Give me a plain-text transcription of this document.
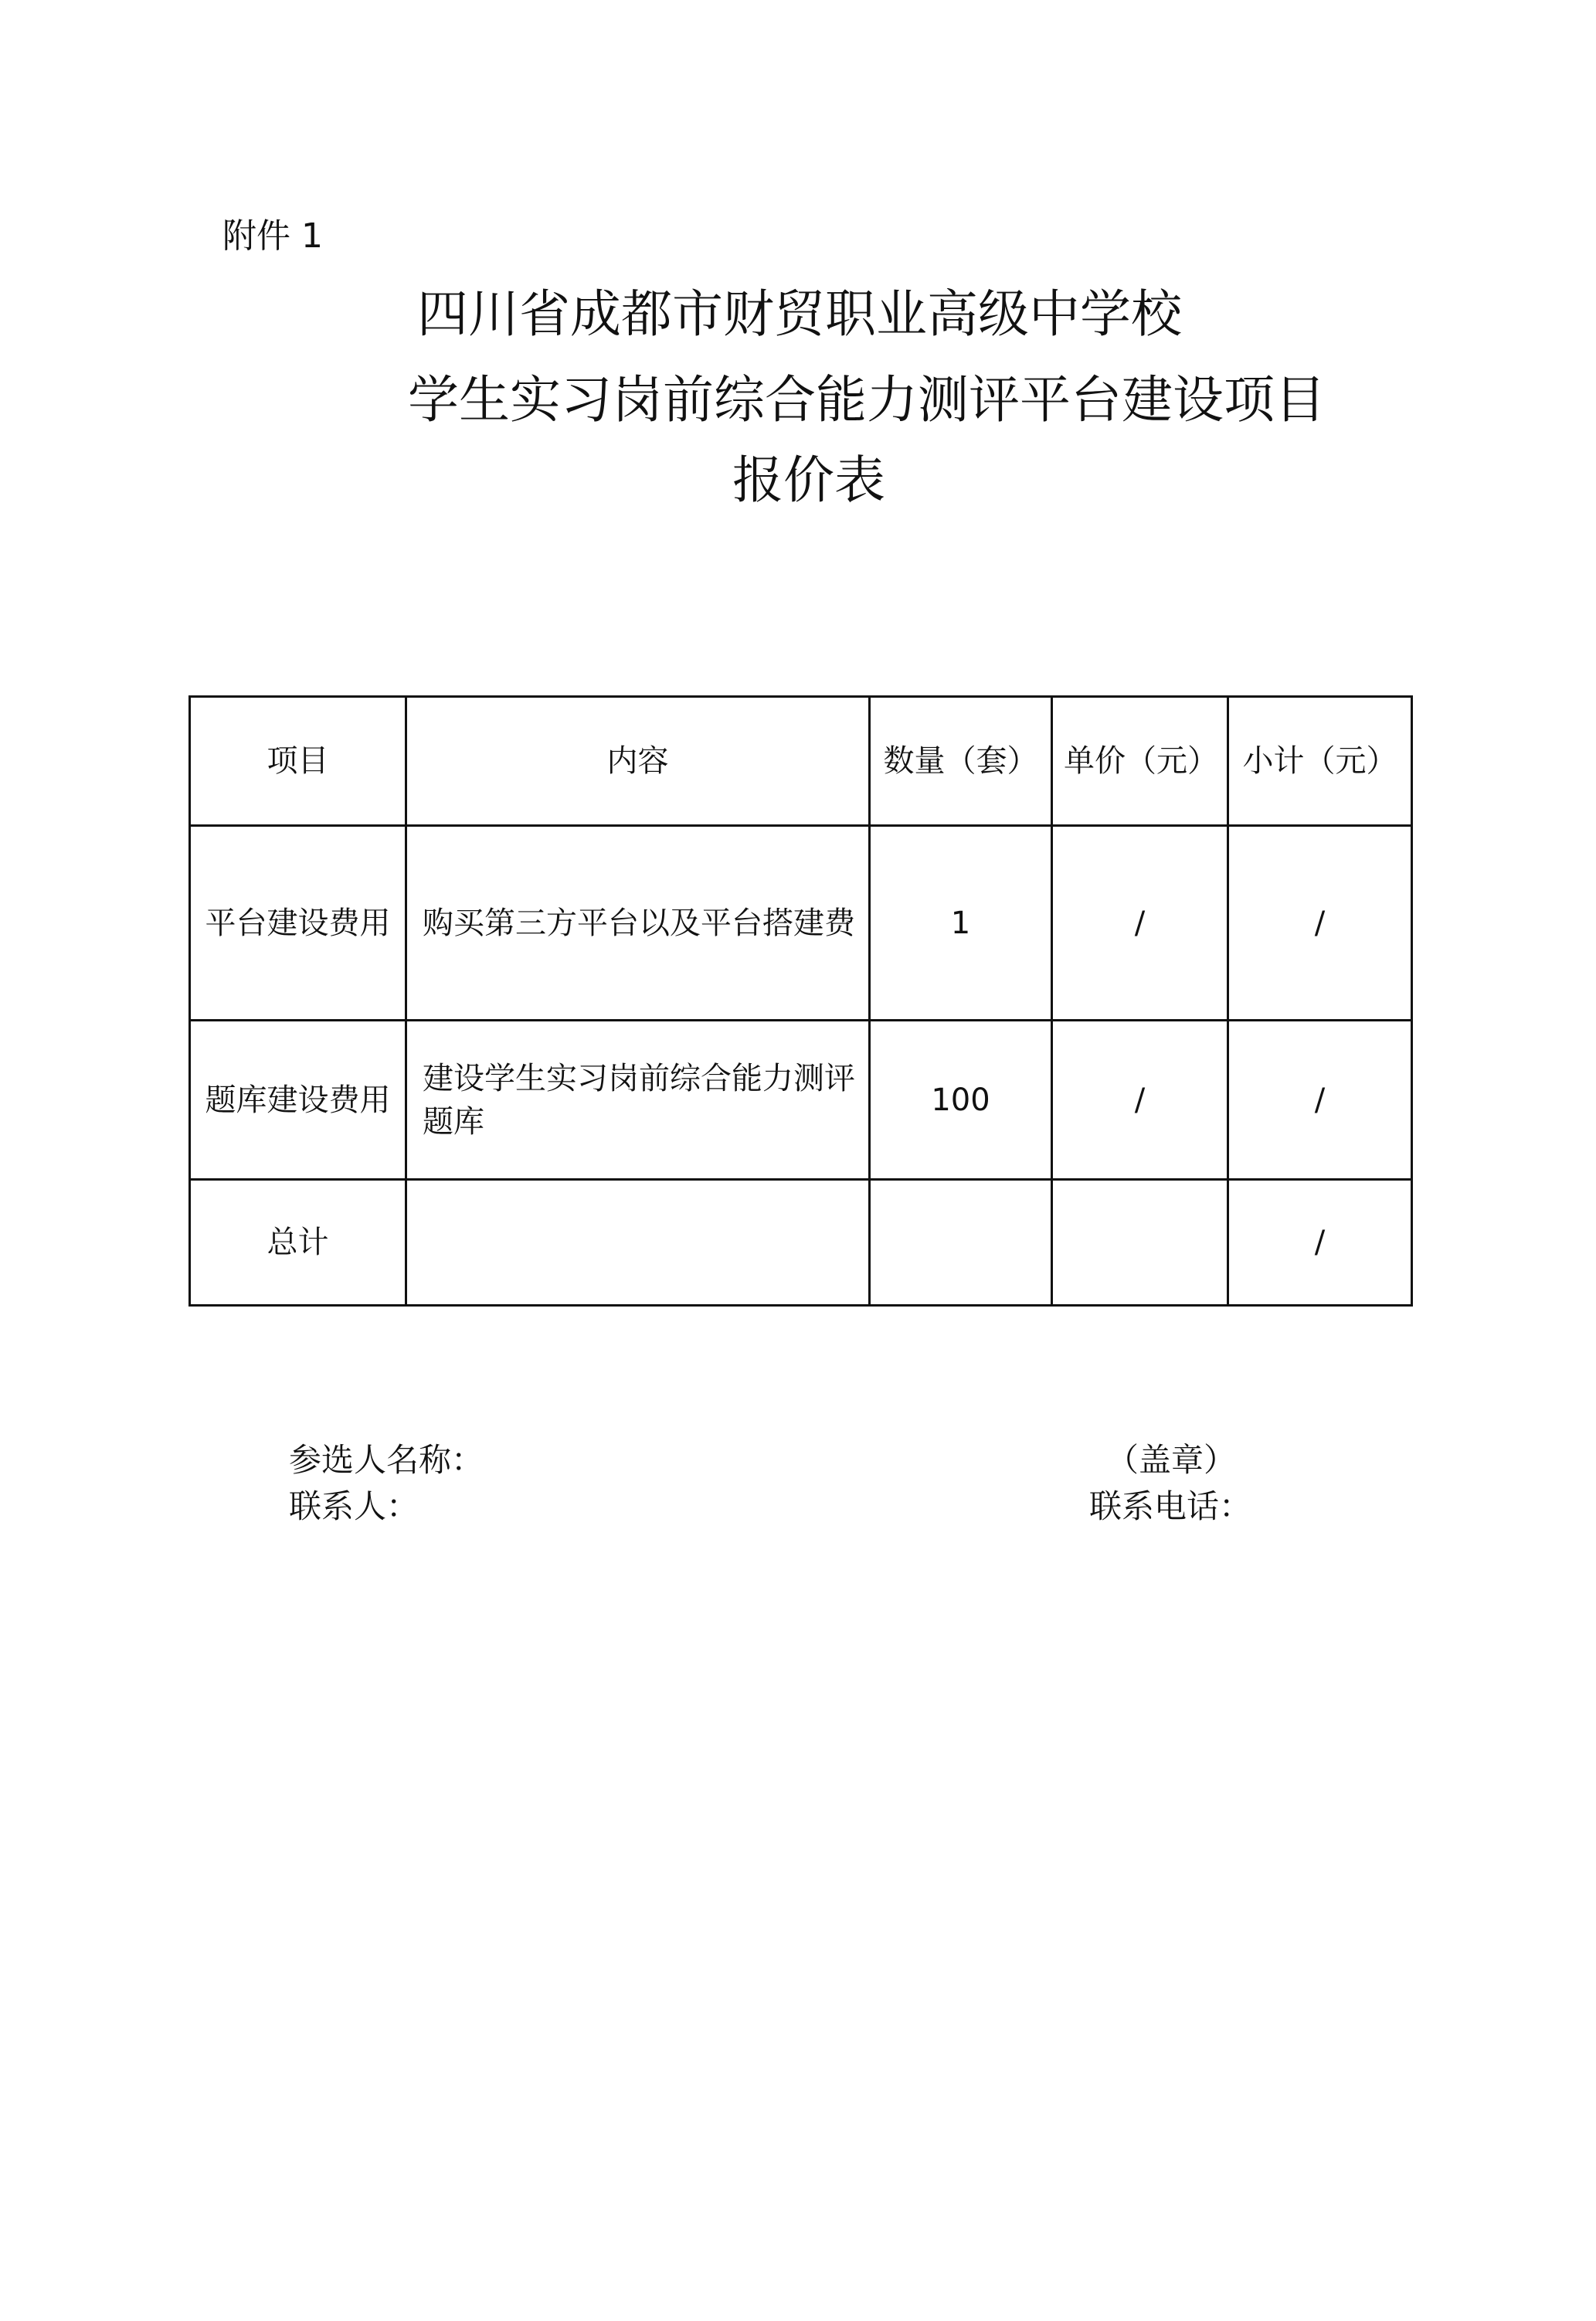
附件 1
四川省成都市财贸职业高级中学校
学生实习岗前综合能力测评平台建设项目
报价表
项目	内容	数量（套）	单价（元）	小计（元）
平台建设费用	购买第三方平台以及平台搭建费	1	/	/
题库建设费用	建设学生实习岗前综合能力测评题库	100	/	/
总计				/
参选人名称：	（盖章）
联系人：	联系电话：
